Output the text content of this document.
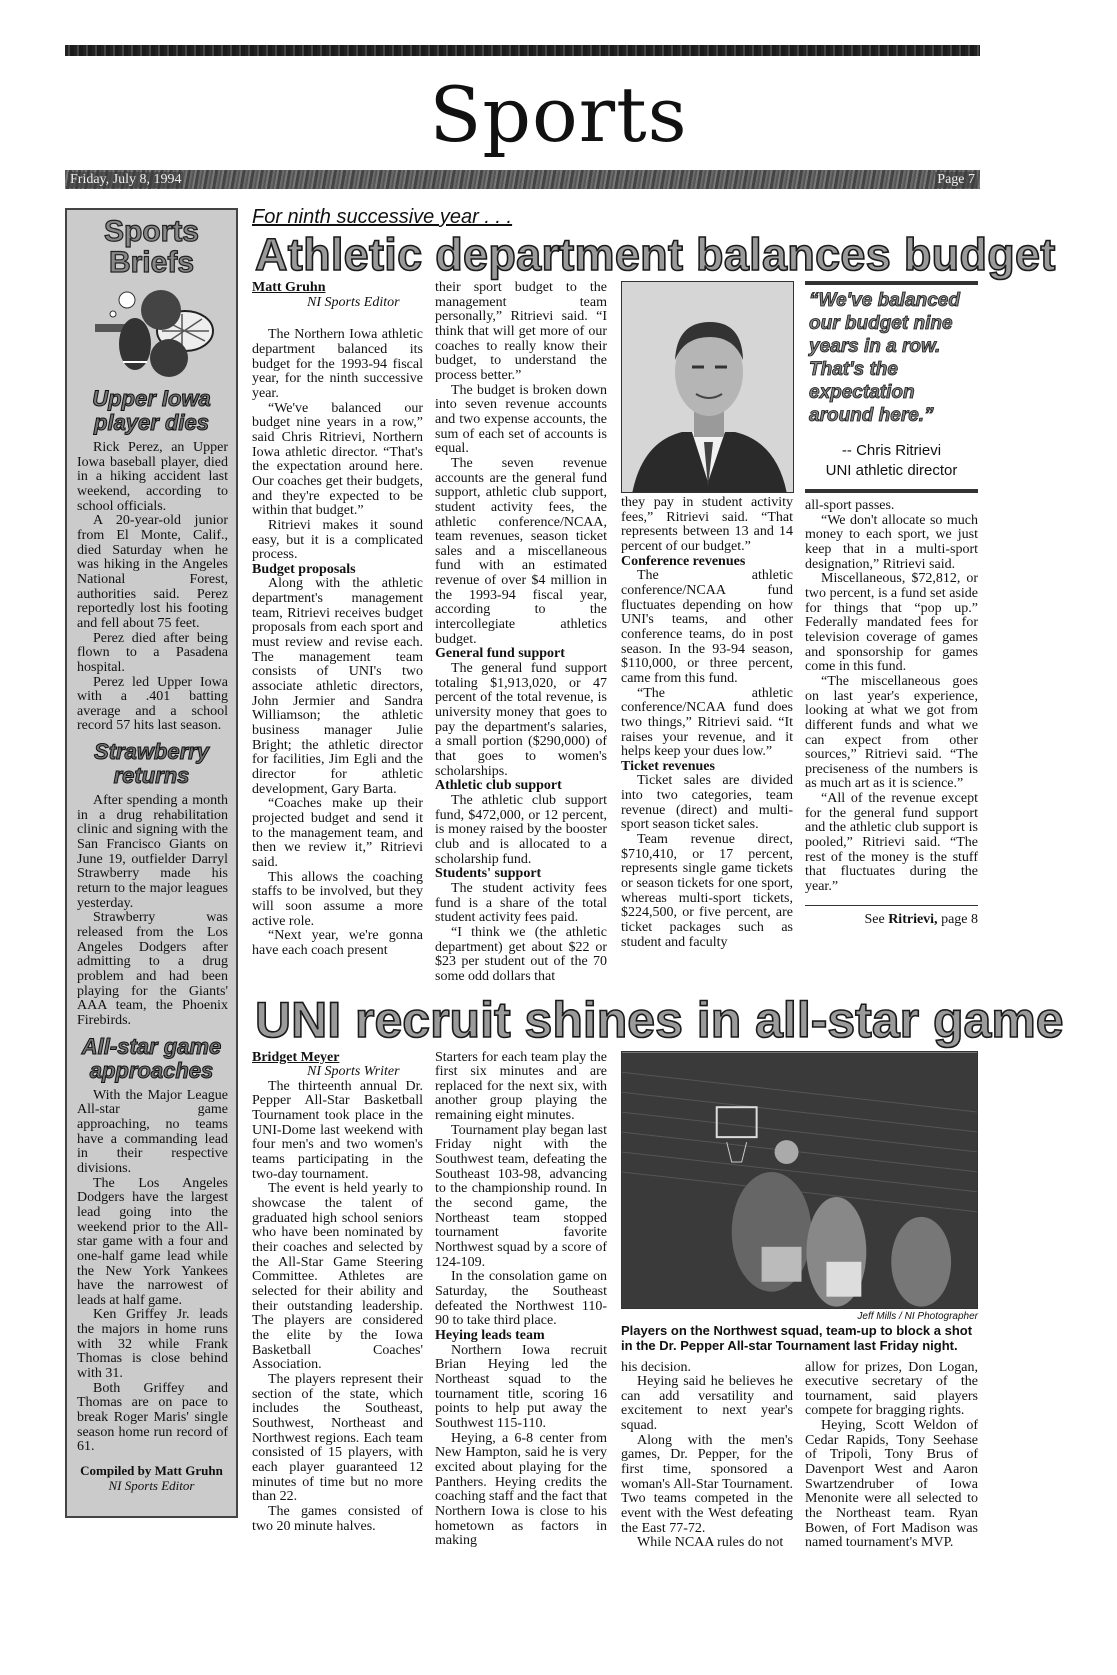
Sports
Friday, July 8, 1994	Page 7
Sports
Briefs
Upper Iowa player dies

Rick Perez, an Upper Iowa baseball player, died in a hiking accident last weekend, according to school officials.

A 20-year-old junior from El Monte, Calif., died Saturday when he was hiking in the Angeles National Forest, authorities said. Perez reportedly lost his footing and fell about 75 feet.

Perez died after being flown to a Pasadena hospital.

Perez led Upper Iowa with a .401 batting average and a school record 57 hits last season.

Strawberry returns

After spending a month in a drug rehabilitation clinic and signing with the San Francisco Giants on June 19, outfielder Darryl Strawberry made his return to the major leagues yesterday.

Strawberry was released from the Los Angeles Dodgers after admitting to a drug problem and had been playing for the Giants' AAA team, the Phoenix Firebirds.

All-star game approaches

With the Major League All-star game approaching, no teams have a commanding lead in their respective divisions.

The Los Angeles Dodgers have the largest lead going into the weekend prior to the All-star game with a four and one-half game lead while the New York Yankees have the narrowest of leads at half game.

Ken Griffey Jr. leads the majors in home runs with 32 while Frank Thomas is close behind with 31.

Both Griffey and Thomas are on pace to break Roger Maris' single season home run record of 61.

Compiled by Matt Gruhn
NI Sports Editor
For ninth successive year . . .
Athletic department balances budget
Matt Gruhn
NI Sports Editor

The Northern Iowa athletic department balanced its budget for the 1993-94 fiscal year, for the ninth successive year.

“We've balanced our budget nine years in a row,” said Chris Ritrievi, Northern Iowa athletic director. “That's the expectation around here. Our coaches get their budgets, and they're expected to be within that budget.”

Ritrievi makes it sound easy, but it is a complicated process.

Budget proposals

Along with the athletic department's management team, Ritrievi receives budget proposals from each sport and must review and revise each. The management team consists of UNI's two associate athletic directors, John Jermier and Sandra Williamson; the athletic business manager Julie Bright; the athletic director for facilities, Jim Egli and the director for athletic development, Gary Barta.

“Coaches make up their projected budget and send it to the management team, and then we review it,” Ritrievi said.

This allows the coaching staffs to be involved, but they will soon assume a more active role.

“Next year, we're gonna have each coach present

their sport budget to the management team personally,” Ritrievi said. “I think that will get more of our coaches to really know their budget, to understand the process better.”

The budget is broken down into seven revenue accounts and two expense accounts, the sum of each set of accounts is equal.

The seven revenue accounts are the general fund support, athletic club support, student activity fees, the athletic conference/NCAA, team revenues, season ticket sales and a miscellaneous fund with an estimated revenue of over $4 million in the 1993-94 fiscal year, according to the intercollegiate athletics budget.

General fund support

The general fund support totaling $1,913,020, or 47 percent of the total revenue, is university money that goes to pay the department's salaries, a small portion ($290,000) of that goes to women's scholarships.

Athletic club support

The athletic club support fund, $472,000, or 12 percent, is money raised by the booster club and is allocated to a scholarship fund.

Students' support

The student activity fees fund is a share of the total student activity fees paid.

“I think we (the athletic department) get about $22 or $23 per student out of the 70 some odd dollars that

they pay in student activity fees,” Ritrievi said. “That represents between 13 and 14 percent of our budget.”

Conference revenues

The athletic conference/NCAA fund fluctuates depending on how UNI's teams, and other conference teams, do in post season. In the 93-94 season, $110,000, or three percent, came from this fund.

“The athletic conference/NCAA fund does two things,” Ritrievi said. “It raises your revenue, and it helps keep your dues low.”

Ticket revenues

Ticket sales are divided into two categories, team revenue (direct) and multi-sport season ticket sales.

Team revenue direct, $710,410, or 17 percent, represents single game tickets or season tickets for one sport, whereas multi-sport tickets, $224,500, or five percent, are ticket packages such as student and faculty

“We've balanced our budget nine years in a row. That's the expectation around here.”
-- Chris Ritrievi
UNI athletic director

all-sport passes.

“We don't allocate so much money to each sport, we just keep that in a multi-sport designation,” Ritrievi said.

Miscellaneous, $72,812, or two percent, is a fund set aside for things that “pop up.” Federally mandated fees for television coverage of games and sponsorship for games come in this fund.

“The miscellaneous goes on last year's experience, looking at what we got from different funds and what we can expect from other sources,” Ritrievi said. “The preciseness of the numbers is as much art as it is science.”

“All of the revenue except for the general fund support and the athletic club support is pooled,” Ritrievi said. “The rest of the money is the stuff that fluctuates during the year.”

See Ritrievi, page 8
UNI recruit shines in all-star game
Bridget Meyer
NI Sports Writer

The thirteenth annual Dr. Pepper All-Star Basketball Tournament took place in the UNI-Dome last weekend with four men's and two women's teams participating in the two-day tournament.

The event is held yearly to showcase the talent of graduated high school seniors who have been nominated by their coaches and selected by the All-Star Game Steering Committee. Athletes are selected for their ability and their outstanding leadership. The players are considered the elite by the Iowa Basketball Coaches' Association.

The players represent their section of the state, which includes the Southeast, Southwest, Northeast and Northwest regions. Each team consisted of 15 players, with each player guaranteed 12 minutes of time but no more than 22.

The games consisted of two 20 minute halves.

Starters for each team play the first six minutes and are replaced for the next six, with another group playing the remaining eight minutes.

Tournament play began last Friday night with the Southwest team, defeating the Southeast 103-98, advancing to the championship round. In the second game, the Northeast team stopped tournament favorite Northwest squad by a score of 124-109.

In the consolation game on Saturday, the Southeast defeated the Northwest 110-90 to take third place.

Heying leads team

Northern Iowa recruit Brian Heying led the Northeast squad to the tournament title, scoring 16 points to help put away the Southwest 115-110.

Heying, a 6-8 center from New Hampton, said he is very excited about playing for the Panthers. Heying credits the coaching staff and the fact that Northern Iowa is close to his hometown as factors in making

Jeff Mills / NI Photographer
Players on the Northwest squad, team-up to block a shot in the Dr. Pepper All-star Tournament last Friday night.

his decision.

Heying said he believes he can add versatility and excitement to next year's squad.

Along with the men's games, Dr. Pepper, for the first time, sponsored a woman's All-Star Tournament. Two teams competed in the event with the West defeating the East 77-72.

While NCAA rules do not

allow for prizes, Don Logan, executive secretary of the tournament, said players compete for bragging rights.

Heying, Scott Weldon of Cedar Rapids, Tony Seehase of Tripoli, Tony Brus of Davenport West and Aaron Swartzendruber of Iowa Menonite were all selected to the Northeast team. Ryan Bowen, of Fort Madison was named tournament's MVP.
